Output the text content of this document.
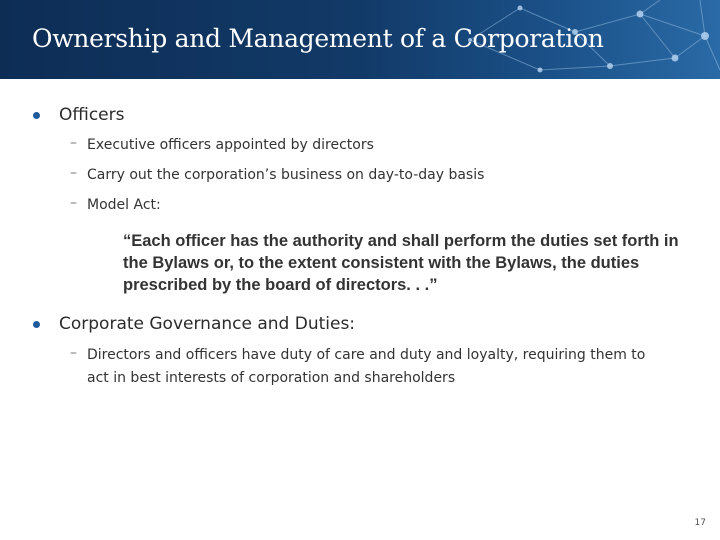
Ownership and Management of a Corporation
Officers
– Executive officers appointed by directors
– Carry out the corporation’s business on day-to-day basis
– Model Act:
“Each officer has the authority and shall perform the duties set forth in the Bylaws or, to the extent consistent with the Bylaws, the duties prescribed by the board of directors. . .”
Corporate Governance and Duties:
– Directors and officers have duty of care and duty and loyalty, requiring them to act in best interests of corporation and shareholders
17
